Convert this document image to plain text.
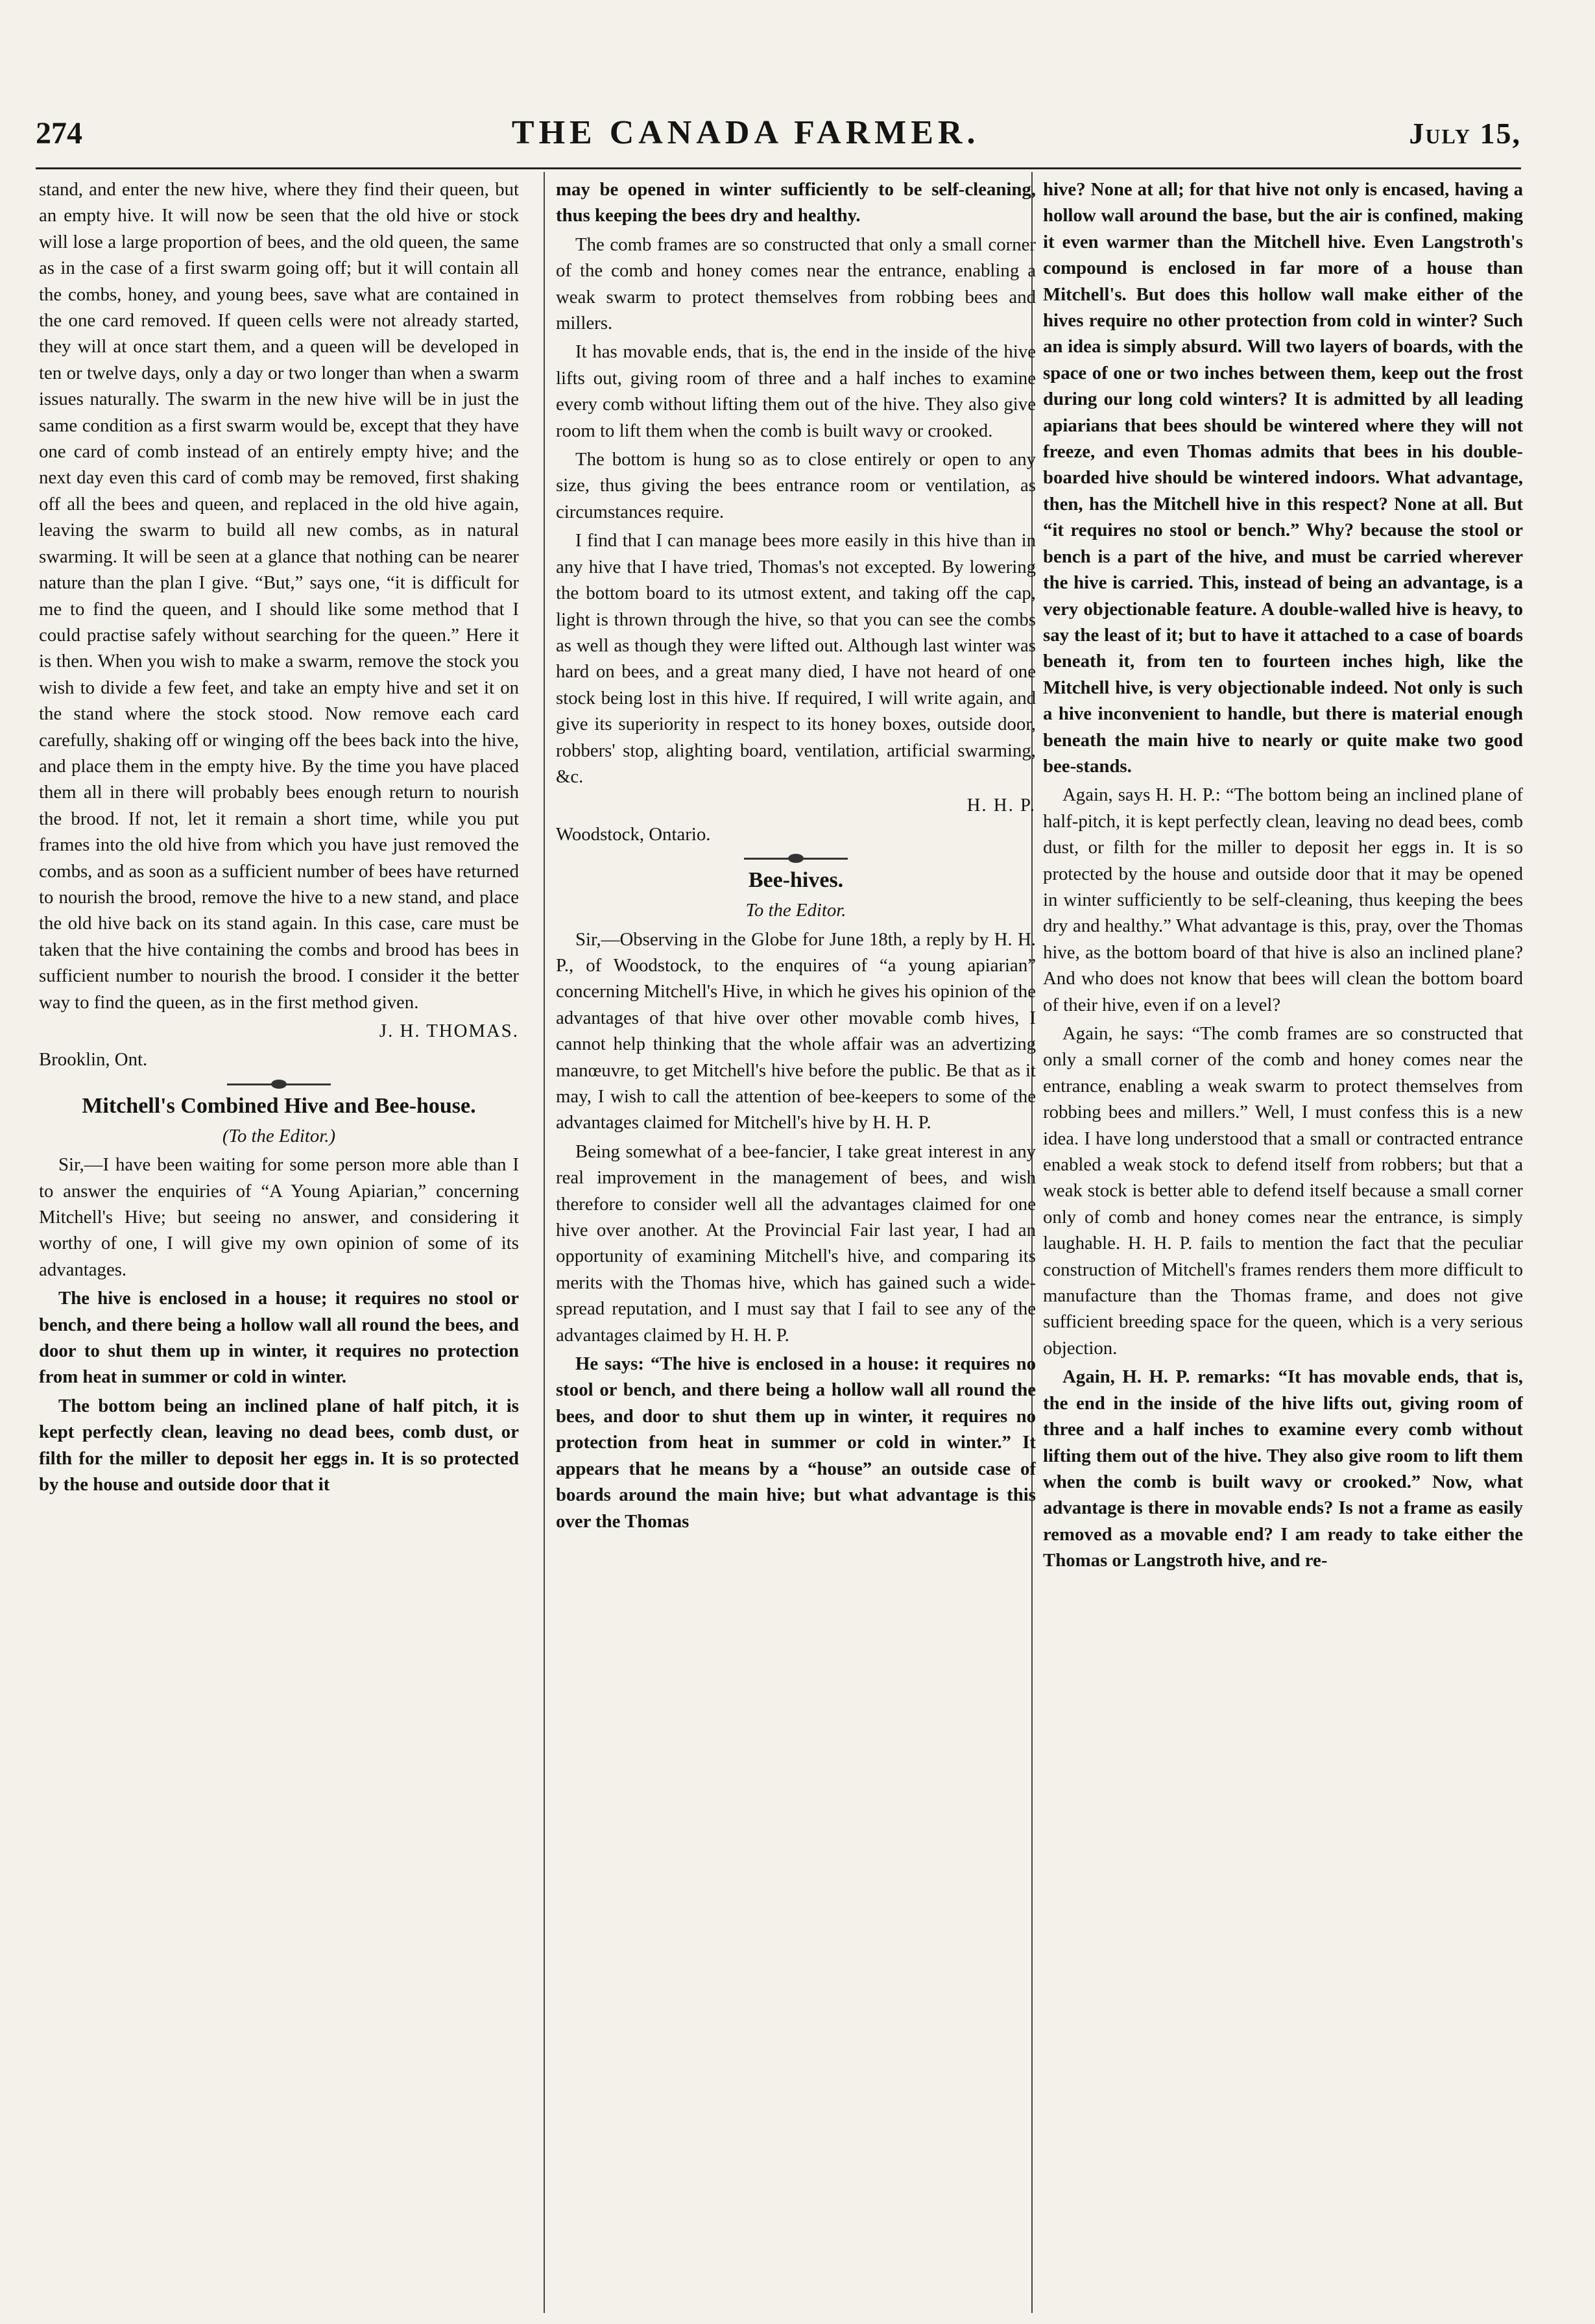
274	THE CANADA FARMER.	July 15,

stand, and enter the new hive, where they find their queen, but an empty hive. It will now be seen that the old hive or stock will lose a large proportion of bees, and the old queen, the same as in the case of a first swarm going off; but it will contain all the combs, honey, and young bees, save what are contained in the one card removed. If queen cells were not already started, they will at once start them, and a queen will be developed in ten or twelve days, only a day or two longer than when a swarm issues naturally. The swarm in the new hive will be in just the same condition as a first swarm would be, except that they have one card of comb instead of an entirely empty hive; and the next day even this card of comb may be removed, first shaking off all the bees and queen, and replaced in the old hive again, leaving the swarm to build all new combs, as in natural swarming. It will be seen at a glance that nothing can be nearer nature than the plan I give. “But,” says one, “it is difficult for me to find the queen, and I should like some method that I could practise safely without searching for the queen.” Here it is then. When you wish to make a swarm, remove the stock you wish to divide a few feet, and take an empty hive and set it on the stand where the stock stood. Now remove each card carefully, shaking off or winging off the bees back into the hive, and place them in the empty hive. By the time you have placed them all in there will probably bees enough return to nourish the brood. If not, let it remain a short time, while you put frames into the old hive from which you have just removed the combs, and as soon as a sufficient number of bees have returned to nourish the brood, remove the hive to a new stand, and place the old hive back on its stand again. In this case, care must be taken that the hive containing the combs and brood has bees in sufficient number to nourish the brood. I consider it the better way to find the queen, as in the first method given.

J. H. THOMAS.

Brooklin, Ont.

Mitchell's Combined Hive and Bee-house.

(To the Editor.)

Sir,—I have been waiting for some person more able than I to answer the enquiries of “A Young Apiarian,” concerning Mitchell's Hive; but seeing no answer, and considering it worthy of one, I will give my own opinion of some of its advantages.

The hive is enclosed in a house; it requires no stool or bench, and there being a hollow wall all round the bees, and door to shut them up in winter, it requires no protection from heat in summer or cold in winter.

The bottom being an inclined plane of half pitch, it is kept perfectly clean, leaving no dead bees, comb dust, or filth for the miller to deposit her eggs in. It is so protected by the house and outside door that it

may be opened in winter sufficiently to be self-cleaning, thus keeping the bees dry and healthy.

The comb frames are so constructed that only a small corner of the comb and honey comes near the entrance, enabling a weak swarm to protect themselves from robbing bees and millers.

It has movable ends, that is, the end in the inside of the hive lifts out, giving room of three and a half inches to examine every comb without lifting them out of the hive. They also give room to lift them when the comb is built wavy or crooked.

The bottom is hung so as to close entirely or open to any size, thus giving the bees entrance room or ventilation, as circumstances require.

I find that I can manage bees more easily in this hive than in any hive that I have tried, Thomas's not excepted. By lowering the bottom board to its utmost extent, and taking off the cap, light is thrown through the hive, so that you can see the combs as well as though they were lifted out. Although last winter was hard on bees, and a great many died, I have not heard of one stock being lost in this hive. If required, I will write again, and give its superiority in respect to its honey boxes, outside door, robbers' stop, alighting board, ventilation, artificial swarming, &c.

H. H. P.

Woodstock, Ontario.

Bee-hives.

To the Editor.

Sir,—Observing in the Globe for June 18th, a reply by H. H. P., of Woodstock, to the enquires of “a young apiarian” concerning Mitchell's Hive, in which he gives his opinion of the advantages of that hive over other movable comb hives, I cannot help thinking that the whole affair was an advertizing manœuvre, to get Mitchell's hive before the public. Be that as it may, I wish to call the attention of bee-keepers to some of the advantages claimed for Mitchell's hive by H. H. P.

Being somewhat of a bee-fancier, I take great interest in any real improvement in the management of bees, and wish therefore to consider well all the advantages claimed for one hive over another. At the Provincial Fair last year, I had an opportunity of examining Mitchell's hive, and comparing its merits with the Thomas hive, which has gained such a wide-spread reputation, and I must say that I fail to see any of the advantages claimed by H. H. P.

He says: “The hive is enclosed in a house: it requires no stool or bench, and there being a hollow wall all round the bees, and door to shut them up in winter, it requires no protection from heat in summer or cold in winter.” It appears that he means by a “house” an outside case of boards around the main hive; but what advantage is this over the Thomas

hive? None at all; for that hive not only is encased, having a hollow wall around the base, but the air is confined, making it even warmer than the Mitchell hive. Even Langstroth's compound is enclosed in far more of a house than Mitchell's. But does this hollow wall make either of the hives require no other protection from cold in winter? Such an idea is simply absurd. Will two layers of boards, with the space of one or two inches between them, keep out the frost during our long cold winters? It is admitted by all leading apiarians that bees should be wintered where they will not freeze, and even Thomas admits that bees in his double-boarded hive should be wintered indoors. What advantage, then, has the Mitchell hive in this respect? None at all. But “it requires no stool or bench.” Why? because the stool or bench is a part of the hive, and must be carried wherever the hive is carried. This, instead of being an advantage, is a very objectionable feature. A double-walled hive is heavy, to say the least of it; but to have it attached to a case of boards beneath it, from ten to fourteen inches high, like the Mitchell hive, is very objectionable indeed. Not only is such a hive inconvenient to handle, but there is material enough beneath the main hive to nearly or quite make two good bee-stands.

Again, says H. H. P.: “The bottom being an inclined plane of half-pitch, it is kept perfectly clean, leaving no dead bees, comb dust, or filth for the miller to deposit her eggs in. It is so protected by the house and outside door that it may be opened in winter sufficiently to be self-cleaning, thus keeping the bees dry and healthy.” What advantage is this, pray, over the Thomas hive, as the bottom board of that hive is also an inclined plane? And who does not know that bees will clean the bottom board of their hive, even if on a level?

Again, he says: “The comb frames are so constructed that only a small corner of the comb and honey comes near the entrance, enabling a weak swarm to protect themselves from robbing bees and millers.” Well, I must confess this is a new idea. I have long understood that a small or contracted entrance enabled a weak stock to defend itself from robbers; but that a weak stock is better able to defend itself because a small corner only of comb and honey comes near the entrance, is simply laughable. H. H. P. fails to mention the fact that the peculiar construction of Mitchell's frames renders them more difficult to manufacture than the Thomas frame, and does not give sufficient breeding space for the queen, which is a very serious objection.

Again, H. H. P. remarks: “It has movable ends, that is, the end in the inside of the hive lifts out, giving room of three and a half inches to examine every comb without lifting them out of the hive. They also give room to lift them when the comb is built wavy or crooked.” Now, what advantage is there in movable ends? Is not a frame as easily removed as a movable end? I am ready to take either the Thomas or Langstroth hive, and re-
